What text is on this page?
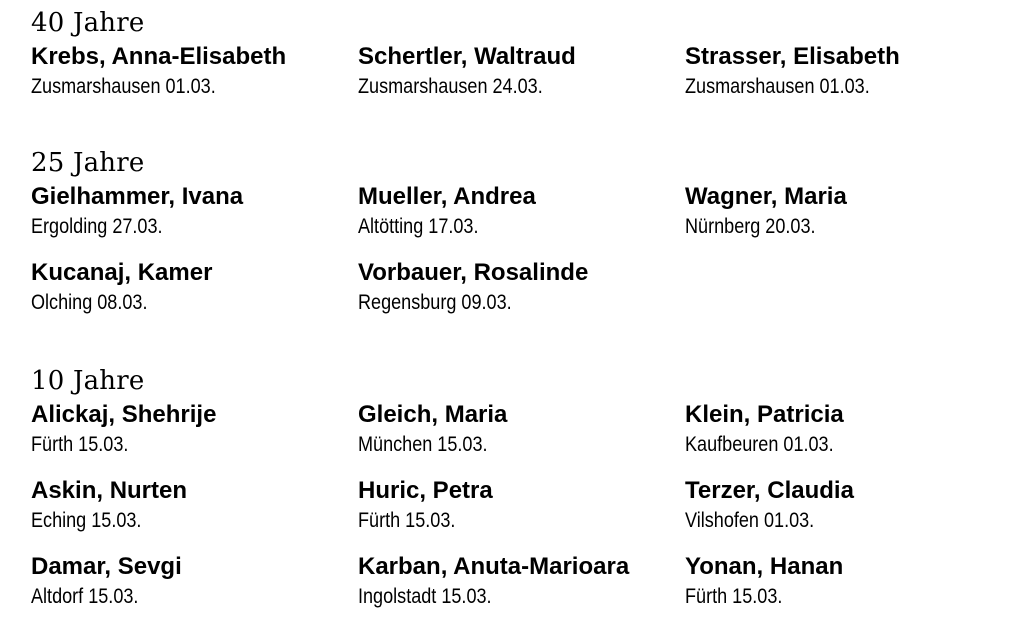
40 Jahre
Krebs, Anna-Elisabeth
Zusmarshausen 01.03.
Schertler, Waltraud
Zusmarshausen 24.03.
Strasser, Elisabeth
Zusmarshausen 01.03.
25 Jahre
Gielhammer, Ivana
Ergolding 27.03.
Mueller, Andrea
Altötting 17.03.
Wagner, Maria
Nürnberg 20.03.
Kucanaj, Kamer
Olching 08.03.
Vorbauer, Rosalinde
Regensburg 09.03.
10 Jahre
Alickaj, Shehrije
Fürth 15.03.
Gleich, Maria
München 15.03.
Klein, Patricia
Kaufbeuren 01.03.
Askin, Nurten
Eching 15.03.
Huric, Petra
Fürth 15.03.
Terzer, Claudia
Vilshofen 01.03.
Damar, Sevgi
Altdorf 15.03.
Karban, Anuta-Marioara
Ingolstadt 15.03.
Yonan, Hanan
Fürth 15.03.
